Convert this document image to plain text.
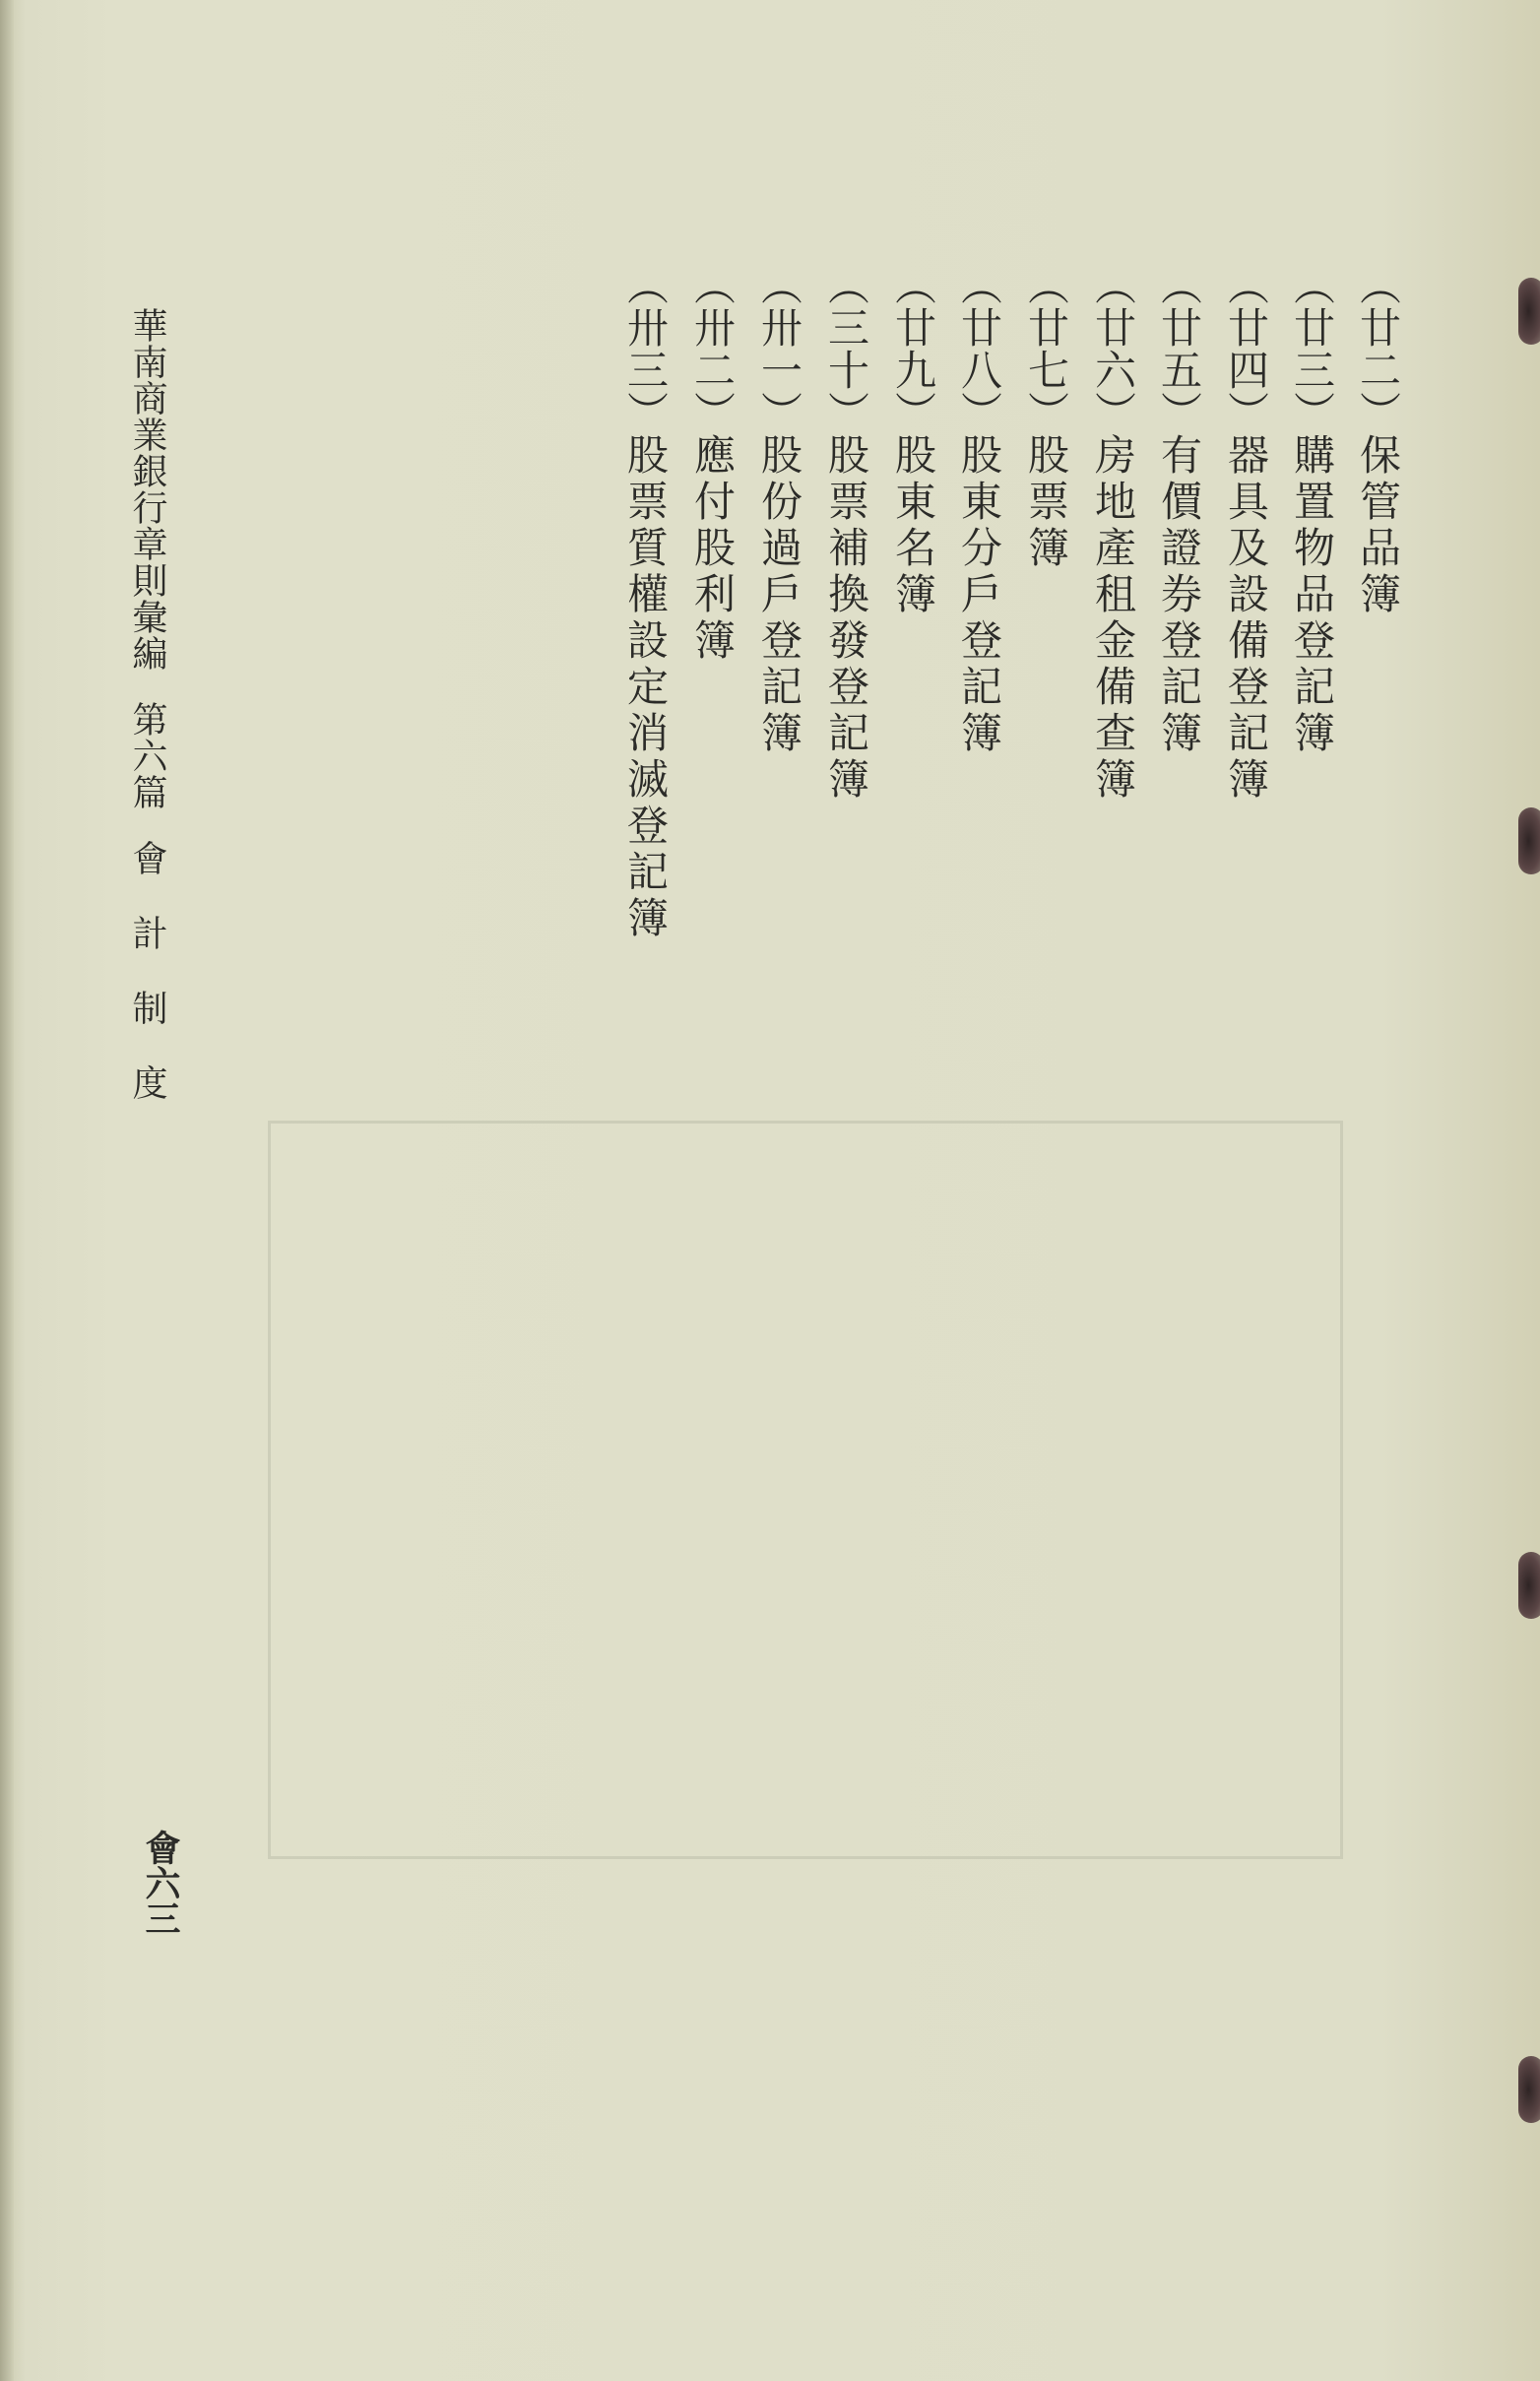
華南商業銀行章則彙編第六篇會計制度
（廿二）保管品簿
（廿三）購置物品登記簿
（廿四）器具及設備登記簿
（廿五）有價證券登記簿
（廿六）房地產租金備查簿
（廿七）股票簿
（廿八）股東分戶登記簿
（廿九）股東名簿
（三十）股票補換發登記簿
（卅一）股份過戶登記簿
（卅二）應付股利簿
（卅三）股票質權設定消滅登記簿
會六三
